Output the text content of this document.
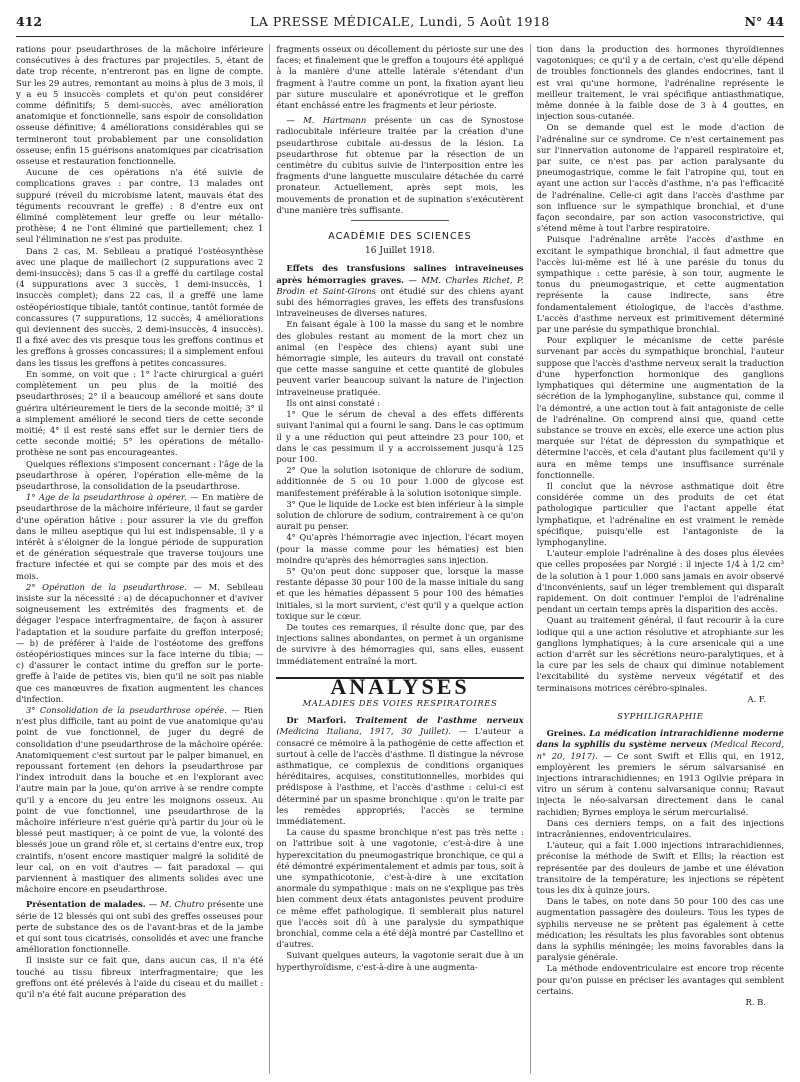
412	LA PRESSE MÉDICALE, Lundi, 5 Août 1918	N° 44

rations pour pseudarthroses de la mâchoire inférieure consécutives à des fractures par projectiles. 5, étant de date trop récente, n'entreront pas en ligne de compte. Sur les 29 autres, remontant au moins à plus de 3 mois, il y a eu 5 insuccès complets et qu'on peut considérer comme définitifs; 5 demi-succès, avec amélioration anatomique et fonctionnelle, sans espoir de consolidation osseuse définitive; 4 améliorations considérables qui se termineront tout probablement par une consolidation osseuse; enfin 15 guérisons anatomiques par cicatrisation osseuse et restauration fonctionnelle.

Aucune de ces opérations n'a été suivie de complications graves : par contre, 13 malades ont suppuré (réveil du microbisme latent, mauvais état des téguments recouvrant le greffe) : 8 d'entre eux ont éliminé complètement leur greffe ou leur métallo-prothèse; 4 ne l'ont éliminé que partiellement; chez 1 seul l'élimination ne s'est pas produite.

Dans 2 cas, M. Sebileau a pratiqué l'ostéosynthèse avec une plaque de maillechort (2 suppurations avec 2 demi-insuccès); dans 5 cas il a greffé du cartilage costal (4 suppurations avec 3 succès, 1 demi-insuccès, 1 insuccès complet); dans 22 cas, il a greffé une lame ostéopériostique tibiale, tantôt continue, tantôt formée de concassures (7 suppurations, 12 succès, 4 améliorations qui deviennent des succès, 2 demi-insuccès, 4 insuccès). Il a fixé avec des vis presque tous les greffons continus et les greffons à grosses concassures; il a simplement enfoui dans les tissus les greffons à petites concassures.

En somme, on voit que : 1° l'acte chirurgical a guéri complètement un peu plus de la moitié des pseudarthroses; 2° il a beaucoup amélioré et sans doute guérira ultérieurement le tiers de la seconde moitié; 3° il a simplement amélioré le second tiers de cette seconde moitié; 4° il est resté sans effet sur le dernier tiers de cette seconde moitié; 5° les opérations de métallo-prothèse ne sont pas encourageantes.

Quelques réflexions s'imposent concernant : l'âge de la pseudarthrose à opérer, l'opération elle-même de la pseudarthrose, la consolidation de la pseudarthrose.

1° Age de la pseudarthrose à opérer. — En matière de pseudarthrose de la mâchoire inférieure, il faut se garder d'une opération hâtive : pour assurer la vie du greffon dans le milieu aseptique qui lui est indispensable, il y a intérêt à s'éloigner de la longue période de suppuration et de génération séquestrale que traverse toujours une fracture infectée et qui se compte par des mois et des mois.

2° Opération de la pseudarthrose. — M. Sebileau insiste sur la nécessité : a) de décapuchonner et d'aviver soigneusement les extrémités des fragments et de dégager l'espace interfragmentaire, de façon à assurer l'adaptation et la soudure parfaite du greffon interposé; — b) de préférer à l'aide de l'ostéotome des greffons ostéopériostiques minces sur la face interne du tibia; — c) d'assurer le contact intime du greffon sur le porte-greffe à l'aide de petites vis, bien qu'il ne soit pas niable que ces manœuvres de fixation augmentent les chances d'infection.

3° Consolidation de la pseudarthrose opérée. — Rien n'est plus difficile, tant au point de vue anatomique qu'au point de vue fonctionnel, de juger du degré de consolidation d'une pseudarthrose de la mâchoire opérée. Anatomiquement c'est surtout par le palper bimanuel, en repoussant fortement (en dehors la pseudarthrose par l'index introduit dans la bouche et en l'explorant avec l'autre main par la joue, qu'on arrive à se rendre compte qu'il y a encore du jeu entre les moignons osseux. Au point de vue fonctionnel, une pseudarthrose de la mâchoire inférieure n'est guérie qu'à partir du jour où le blessé peut mastiquer; à ce point de vue, la volonté des blessés joue un grand rôle et, si certains d'entre eux, trop craintifs, n'osent encore mastiquer malgré la solidité de leur cal, on en voit d'autres — fait paradoxal — qui parviennent à mastiquer des aliments solides avec une mâchoire encore en pseudarthrose.

Présentation de malades. — M. Chutro présente une série de 12 blessés qui ont subi des greffes osseuses pour perte de substance des os de l'avant-bras et de la jambe et qui sont tous cicatrisés, consolidés et avec une franche amélioration fonctionnelle.

Il insiste sur ce fait que, dans aucun cas, il n'a été touché au tissu fibreux interfragmentaire; que les greffons ont été prélevés à l'aide du ciseau et du maillet : qu'il n'a été fait aucune préparation des

fragments osseux ou décollement du périoste sur une des faces; et finalement que le greffon a toujours été appliqué à la manière d'une attelle latérale s'étendant d'un fragment à l'autre comme un pont, la fixation ayant lieu par suture musculaire et aponévrotique et le greffon étant enchâssé entre les fragments et leur périoste.

— M. Hartmann présente un cas de Synostose radiocubitale inférieure traitée par la création d'une pseudarthrose cubitale au-dessus de la lésion. La pseudarthrose fut obtenue par la résection de un centimètre du cubitus suivie de l'interposition entre les fragments d'une languette musculaire détachée du carré pronateur. Actuellement, après sept mois, les mouvements de pronation et de supination s'exécutèrent d'une manière très suffisante.

ACADÉMIE DES SCIENCES
16 Juillet 1918.

Effets des transfusions salines intraveineuses après hémorragies graves. — MM. Charles Richet, P. Brodin et Saint-Girons ont étudié sur des chiens ayant subi des hémorragies graves, les effets des transfusions intraveineuses de diverses natures.

En faisant égale à 100 la masse du sang et le nombre des globules restant au moment de la mort chez un animal (en l'espèce des chiens) ayant subi une hémorragie simple, les auteurs du travail ont constaté que cette masse sanguine et cette quantité de globules peuvent varier beaucoup suivant la nature de l'injection intraveineuse pratiquée.

Ils ont ainsi constaté :

1° Que le sérum de cheval a des effets différents suivant l'animal qui a fourni le sang. Dans le cas optimum il y a une réduction qui peut atteindre 23 pour 100, et dans le cas pessimum il y a accroissement jusqu'à 125 pour 100.

2° Que la solution isotonique de chlorure de sodium, additionnée de 5 ou 10 pour 1.000 de glycose est manifestement préférable à la solution isotonique simple.

3° Que le liquide de Locke est bien inférieur à la simple solution de chlorure de sodium, contrairement à ce qu'on aurait pu penser.

4° Qu'après l'hémorragie avec injection, l'écart moyen (pour la masse comme pour les hématies) est bien moindre qu'après des hémorragies sans injection.

5° Qu'on peut donc supposer que, lorsque la masse restante dépasse 30 pour 100 de la masse initiale du sang et que les hématies dépassent 5 pour 100 des hématies initiales, si la mort survient, c'est qu'il y a quelque action toxique sur le cœur.

De toutes ces remarques, il résulte donc que, par des injections salines abondantes, on permet à un organisme de survivre à des hémorragies qui, sans elles, eussent immédiatement entraîné la mort.

ANALYSES
MALADIES DES VOIES RESPIRATOIRES

Dr Marfori. Traitement de l'asthme nerveux (Medicina Italiana, 1917, 30 Juillet). — L'auteur a consacré ce mémoire à la pathogénie de cette affection et surtout à celle de l'accès d'asthme. Il distingue la névrose asthmatique, ce complexus de conditions organiques héréditaires, acquises, constitutionnelles, morbides qui prédispose à l'asthme, et l'accès d'asthme : celui-ci est déterminé par un spasme bronchique : qu'on le traite par les remèdes appropriés, l'accès se termine immédiatement.

La cause du spasme bronchique n'est pas très nette : on l'attribue soit à une vagotonie, c'est-à-dire à une hyperexcitation du pneumogastrique bronchique, ce qui a été démontré expérimentalement et admis par tous, soit à une sympathicotonie, c'est-à-dire à une excitation anormale du sympathique : mais on ne s'explique pas très bien comment deux états antagonistes peuvent produire ce même effet pathologique. Il semblerait plus naturel que l'accès soit dû à une paralysie du sympathique bronchial, comme cela a été déjà montré par Castellino et d'autres.

Suivant quelques auteurs, la vagotonie serait due à un hyperthyroïdisme, c'est-à-dire à une augmenta-

tion dans la production des hormones thyroïdiennes vagotoniques; ce qu'il y a de certain, c'est qu'elle dépend de troubles fonctionnels des glandes endocrines, tant il est vrai qu'une hormone, l'adrénaline représente le meilleur traitement, le vrai spécifique antiasthmatique, même donnée à la faible dose de 3 à 4 gouttes, en injection sous-cutanée.

On se demande quel est le mode d'action de l'adrénaline sur ce syndrome. Ce n'est certainement pas sur l'innervation autonome de l'appareil respiratoire et, par suite, ce n'est pas par action paralysante du pneumogastrique, comme le fait l'atropine qui, tout en ayant une action sur l'accès d'asthme, n'a pas l'efficacité de l'adrénaline. Celle-ci agit dans l'accès d'asthme par son influence sur le sympathique bronchial, et d'une façon secondaire, par son action vasoconstrictive, qui s'étend même à tout l'arbre respiratoire.

Puisque l'adrénaline arrête l'accès d'asthme en excitant le sympathique bronchial, il faut admettre que l'accès lui-même est lié à une parésie du tonus du sympathique : cette parésie, à son tour, augmente le tonus du pneumogastrique, et cette augmentation représente la cause indirecte, sans être fondamentalement étiologique, de l'accès d'asthme. L'accès d'asthme nerveux est primitivement déterminé par une parésie du sympathique bronchial.

Pour expliquer le mécanisme de cette parésie survenant par accès du sympathique bronchial, l'auteur suppose que l'accès d'asthme nerveux serait la traduction d'une hyperfonction hormonique des ganglions lymphatiques qui détermine une augmentation de la sécrétion de la lymphoganyline, substance qui, comme il l'a démontré, a une action tout à fait antagoniste de celle de l'adrénaline. On comprend ainsi que, quand cette substance se trouve en excès, elle exerce une action plus marquée sur l'état de dépression du sympathique et détermine l'accès, et cela d'autant plus facilement qu'il y aura en même temps une insuffisance surrénale fonctionnelle.

Il conclut que la névrose asthmatique doit être considérée comme un des produits de cet état pathologique particulier que l'actant appelle état lymphatique, et l'adrénaline en est vraiment le remède spécifique, puisqu'elle est l'antagoniste de la lymphoganyline.

L'auteur emploie l'adrénaline à des doses plus élevées que celles proposées par Norgié : il injecte 1/4 à 1/2 cm³ de la solution à 1 pour 1.000 sans jamais en avoir observé d'inconvénients, sauf un léger tremblement qui disparaît rapidement. On doit continuer l'emploi de l'adrénaline pendant un certain temps après la disparition des accès.

Quant au traitement général, il faut recourir à la cure iodique qui a une action résolutive et atrophiante sur les ganglions lymphatiques; à la cure arsenicale qui a une action d'arrêt sur les sécrétions neuro-paralytiques, et à la cure par les sels de chaux qui diminue notablement l'excitabilité du système nerveux végétatif et des terminaisons motrices cérébro-spinales.

A. F.
SYPHILIGRAPHIE

Greines. La médication intrarachidienne moderne dans la syphilis du système nerveux (Medical Record, n° 20, 1917). — Ce sont Swift et Ellis qui, en 1912, employèrent les premiers le sérum salvarsanisé en injections intrarachidiennes; en 1913 Ogilvie prépara in vitro un sérum à contenu salvarsanique connu; Ravaut injecta le néo-salvarsan directement dans le canal rachidien; Byrnes employa le sérum mercurialisé.

Dans ces derniers temps, on a fait des injections intracrâniennes, endoventriculaires.

L'auteur, qui a fait 1.000 injections intrarachidiennes, préconise la méthode de Swift et Ellis; la réaction est représentée par des douleurs de jambe et une élévation transitoire de la température; les injections se répètent tous les dix à quinze jours.

Dans le tabes, on note dans 50 pour 100 des cas une augmentation passagère des douleurs. Tous les types de syphilis nerveuse ne se prêtent pas également à cette médication; les résultats les plus favorables sont obtenus dans la syphilis méningée; les moins favorables dans la paralysie générale.

La méthode endoventriculaire est encore trop récente pour qu'on puisse en préciser les avantages qui semblent certains.

R. B.
